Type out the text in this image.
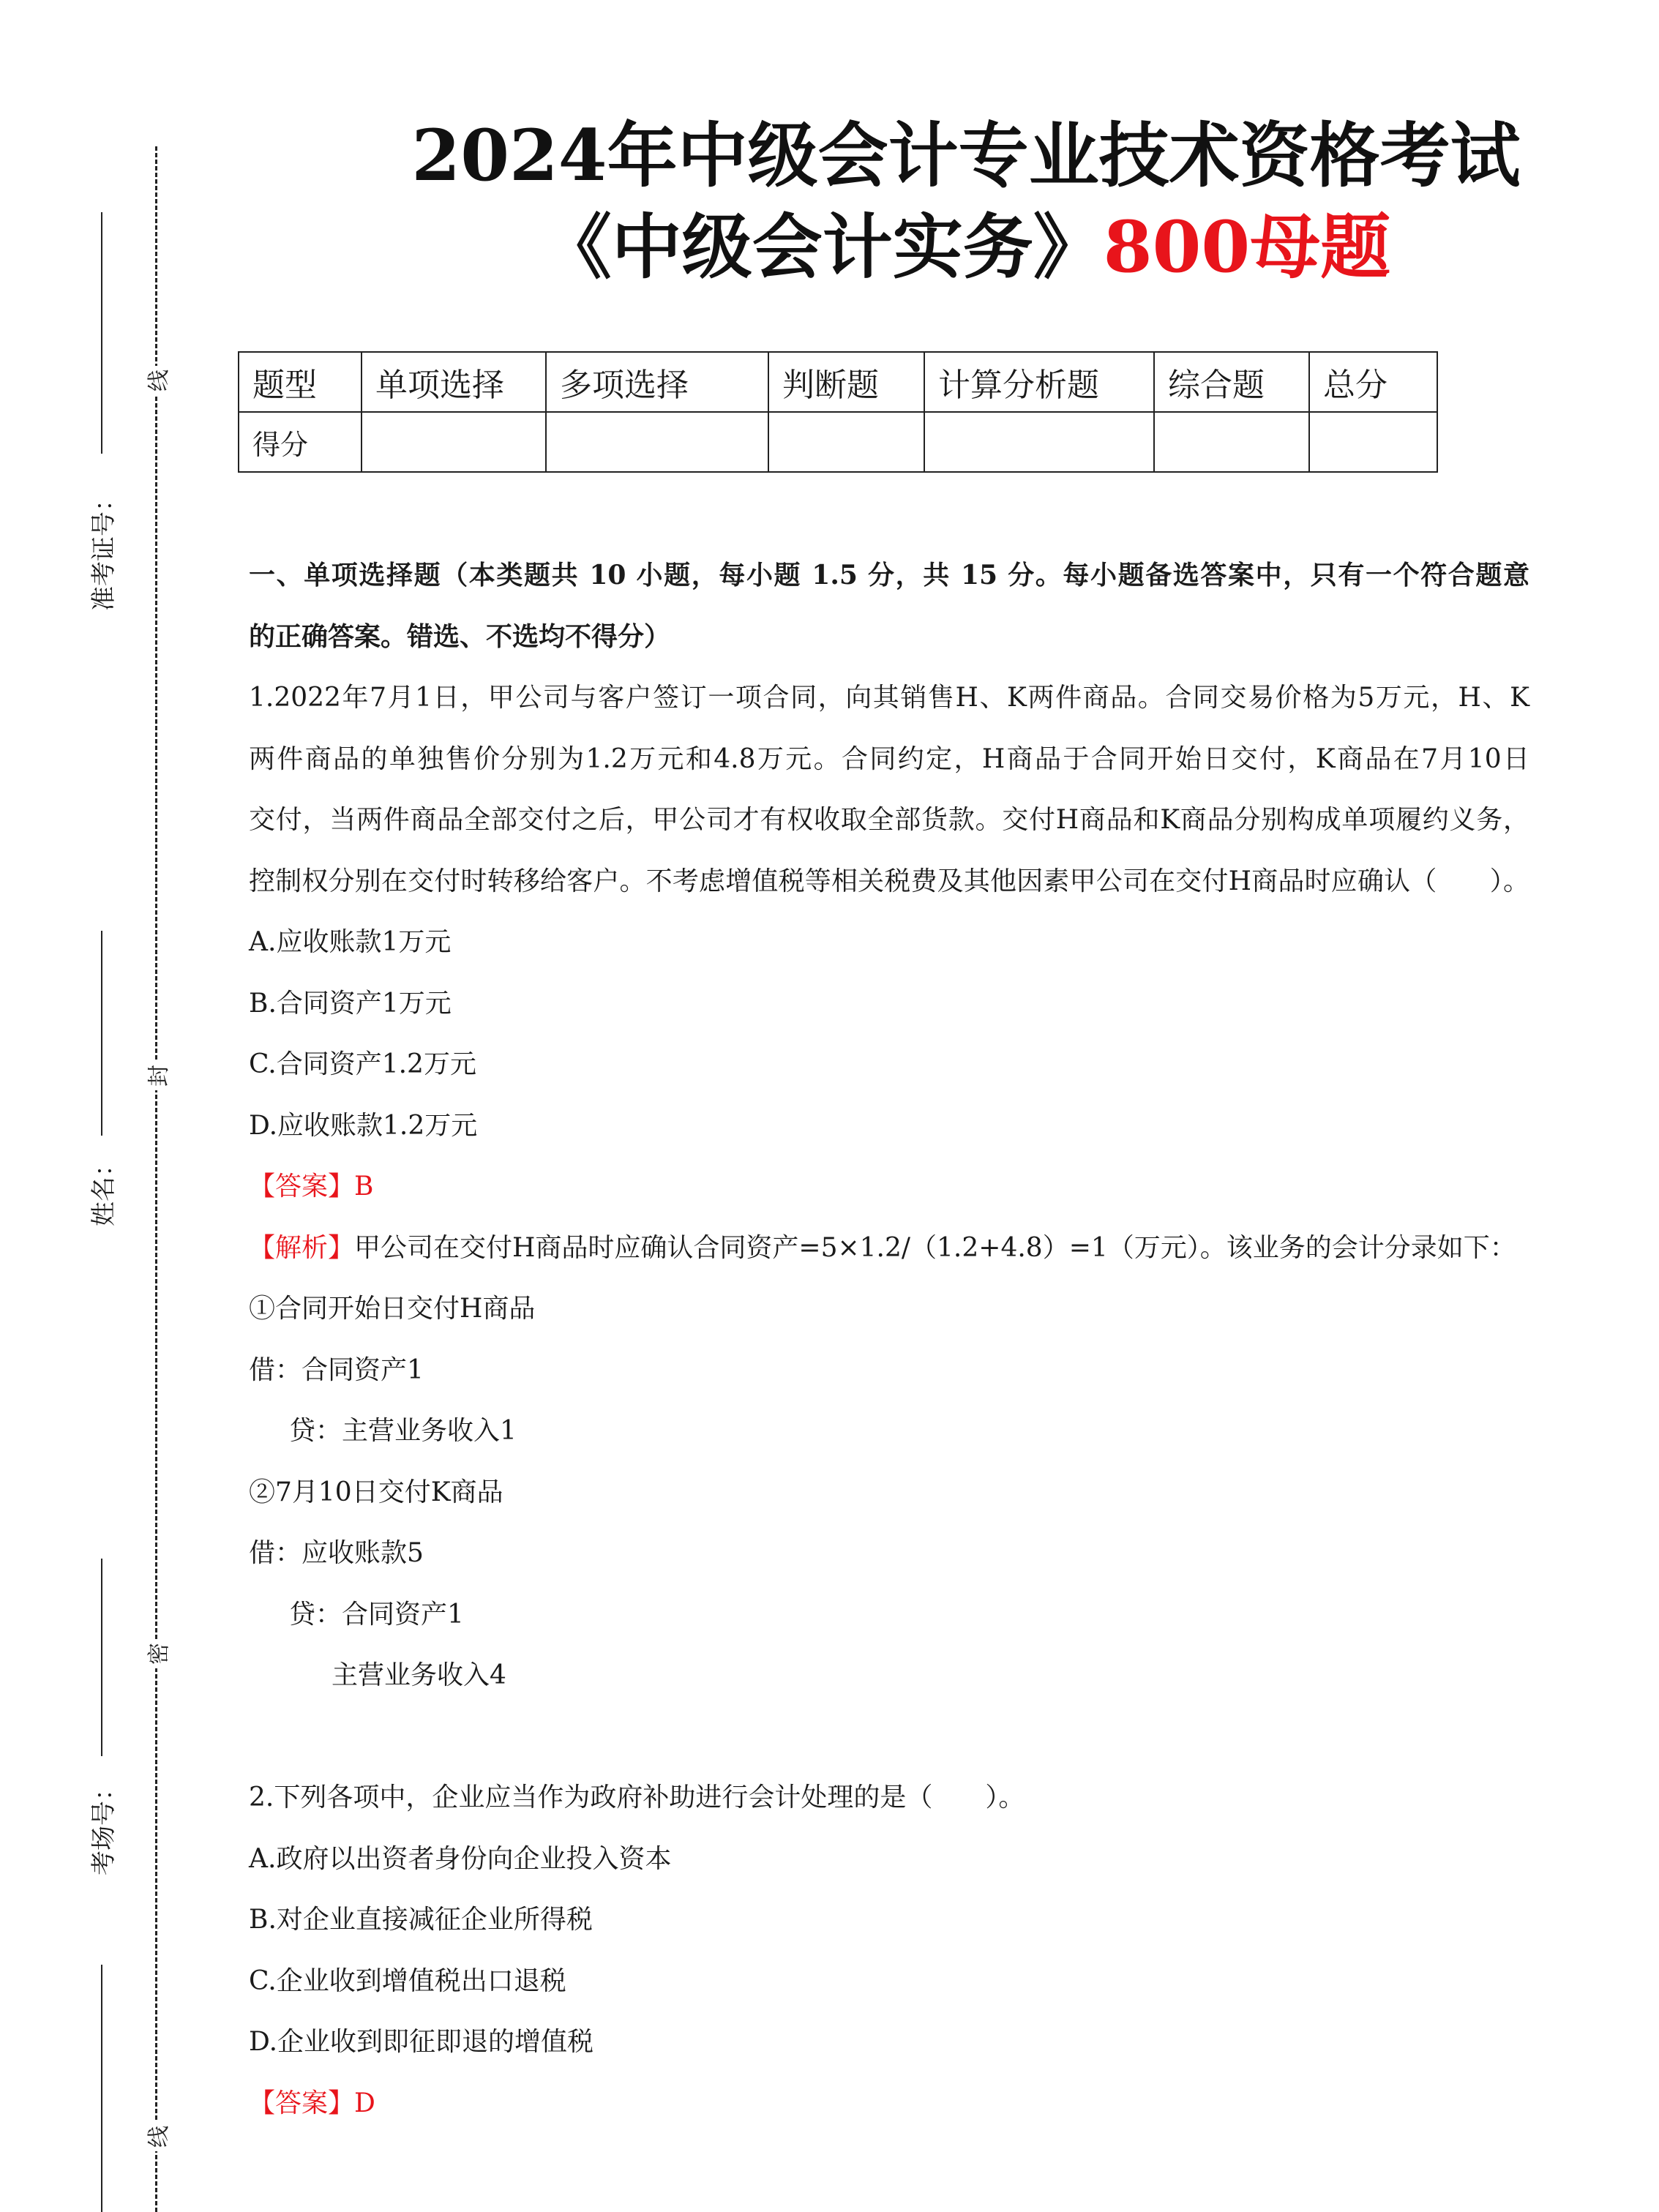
2024年中级会计专业技术资格考试
《中级会计实务》800母题
线
封
密
线
准考证号：
姓名：
考场号：
题型	单项选择	多项选择	判断题	计算分析题	综合题	总分
得分						

一、单项选择题（本类题共 10 小题，每小题 1.5 分，共 15 分。每小题备选答案中，只有一个符合题意

的正确答案。错选、不选均不得分）

1.2022年7月1日，甲公司与客户签订一项合同，向其销售H、K两件商品。合同交易价格为5万元，H、K

两件商品的单独售价分别为1.2万元和4.8万元。合同约定，H商品于合同开始日交付，K商品在7月10日

交付，当两件商品全部交付之后，甲公司才有权收取全部货款。交付H商品和K商品分别构成单项履约义务，

控制权分别在交付时转移给客户。不考虑增值税等相关税费及其他因素甲公司在交付H商品时应确认（　　）。

A.应收账款1万元

B.合同资产1万元

C.合同资产1.2万元

D.应收账款1.2万元

【答案】B

【解析】甲公司在交付H商品时应确认合同资产=5×1.2/（1.2+4.8）=1（万元）。该业务的会计分录如下：

①合同开始日交付H商品

借：合同资产1

贷：主营业务收入1

②7月10日交付K商品

借：应收账款5

贷：合同资产1

主营业务收入4

2.下列各项中，企业应当作为政府补助进行会计处理的是（　　）。

A.政府以出资者身份向企业投入资本

B.对企业直接减征企业所得税

C.企业收到增值税出口退税

D.企业收到即征即退的增值税

【答案】D
